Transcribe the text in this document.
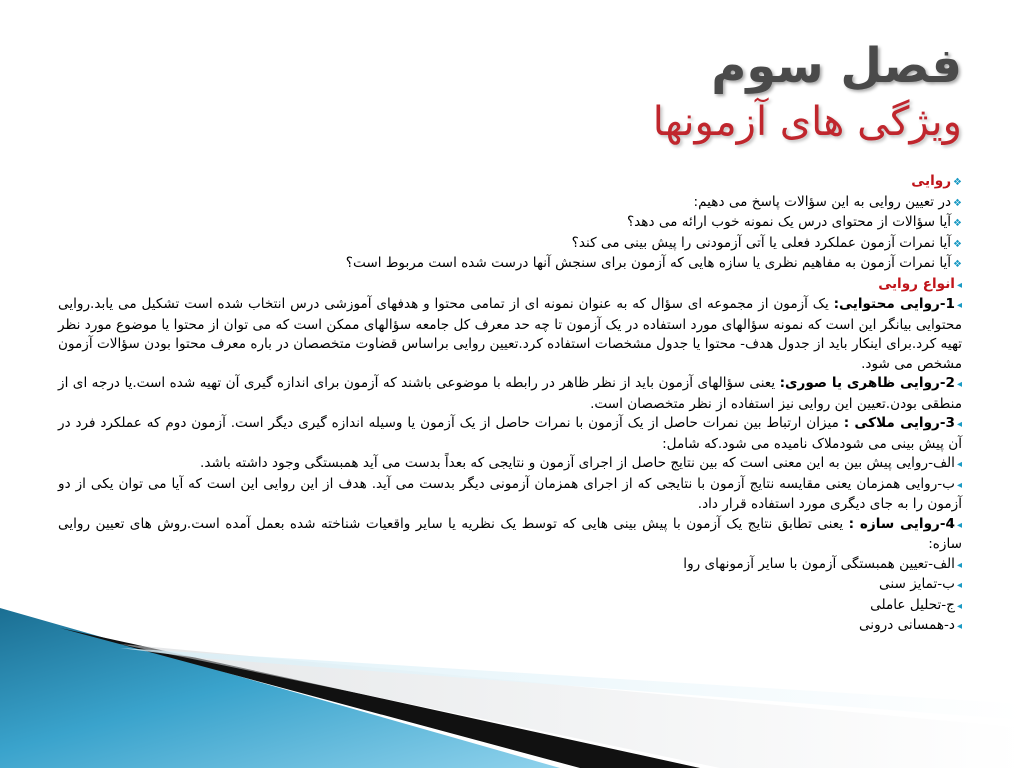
فصل سوم
ویژگی های آزمونها

❖روایی

❖در تعیین روایی به این سؤالات پاسخ می دهیم:

❖آیا سؤالات از محتوای درس یک نمونه خوب ارائه می دهد؟

❖آیا نمرات آزمون عملکرد فعلی یا آتی آزمودنی را پیش بینی می کند؟

❖آیا نمرات آزمون به مفاهیم نظری یا سازه هایی که آزمون برای سنجش آنها درست شده است مربوط است؟

◂انواع روایی

◂1-روایی محتوایی: یک آزمون از مجموعه ای سؤال که به عنوان نمونه ای از تمامی محتوا و هدفهای آموزشی درس انتخاب شده است تشکیل می یابد.روایی محتوایی بیانگر این است که نمونه سؤالهای مورد استفاده در یک آزمون تا چه حد معرف کل جامعه سؤالهای ممکن است که می توان از محتوا یا موضوع مورد نظر تهیه کرد.برای اینکار باید از جدول هدف- محتوا یا جدول مشخصات استفاده کرد.تعیین روایی براساس قضاوت متخصصان در باره معرف محتوا بودن سؤالات آزمون مشخص می شود.

◂2-روایی ظاهری یا صوری: یعنی سؤالهای آزمون باید از نظر ظاهر در رابطه با موضوعی باشند که آزمون برای اندازه گیری آن تهیه شده است.یا درجه ای از منطقی بودن.تعیین این روایی نیز استفاده از نظر متخصصان است.

◂3-روایی ملاکی : میزان ارتباط بین نمرات حاصل از یک آزمون با نمرات حاصل از یک آزمون یا وسیله اندازه گیری دیگر است. آزمون دوم که عملکرد فرد در آن پیش بینی می شودملاک نامیده می شود.که شامل:

◂الف-روایی پیش بین به این معنی است که بین نتایج حاصل از اجرای آزمون و نتایجی که بعداً بدست می آید همبستگی وجود داشته باشد.

◂ب-روایی همزمان یعنی مقایسه نتایج آزمون با نتایجی که از اجرای همزمان آزمونی دیگر بدست می آید. هدف از این روایی این است که آیا می توان یکی از دو آزمون را به جای دیگری مورد استفاده قرار داد.

◂4-روایی سازه : یعنی تطابق نتایج یک آزمون با پیش بینی هایی که توسط یک نظریه یا سایر واقعیات شناخته شده بعمل آمده است.روش های تعیین روایی سازه:

◂الف-تعیین همبستگی آزمون با سایر آزمونهای روا

◂ب-تمایز سنی

◂ج-تحلیل عاملی

◂د-همسانی درونی
